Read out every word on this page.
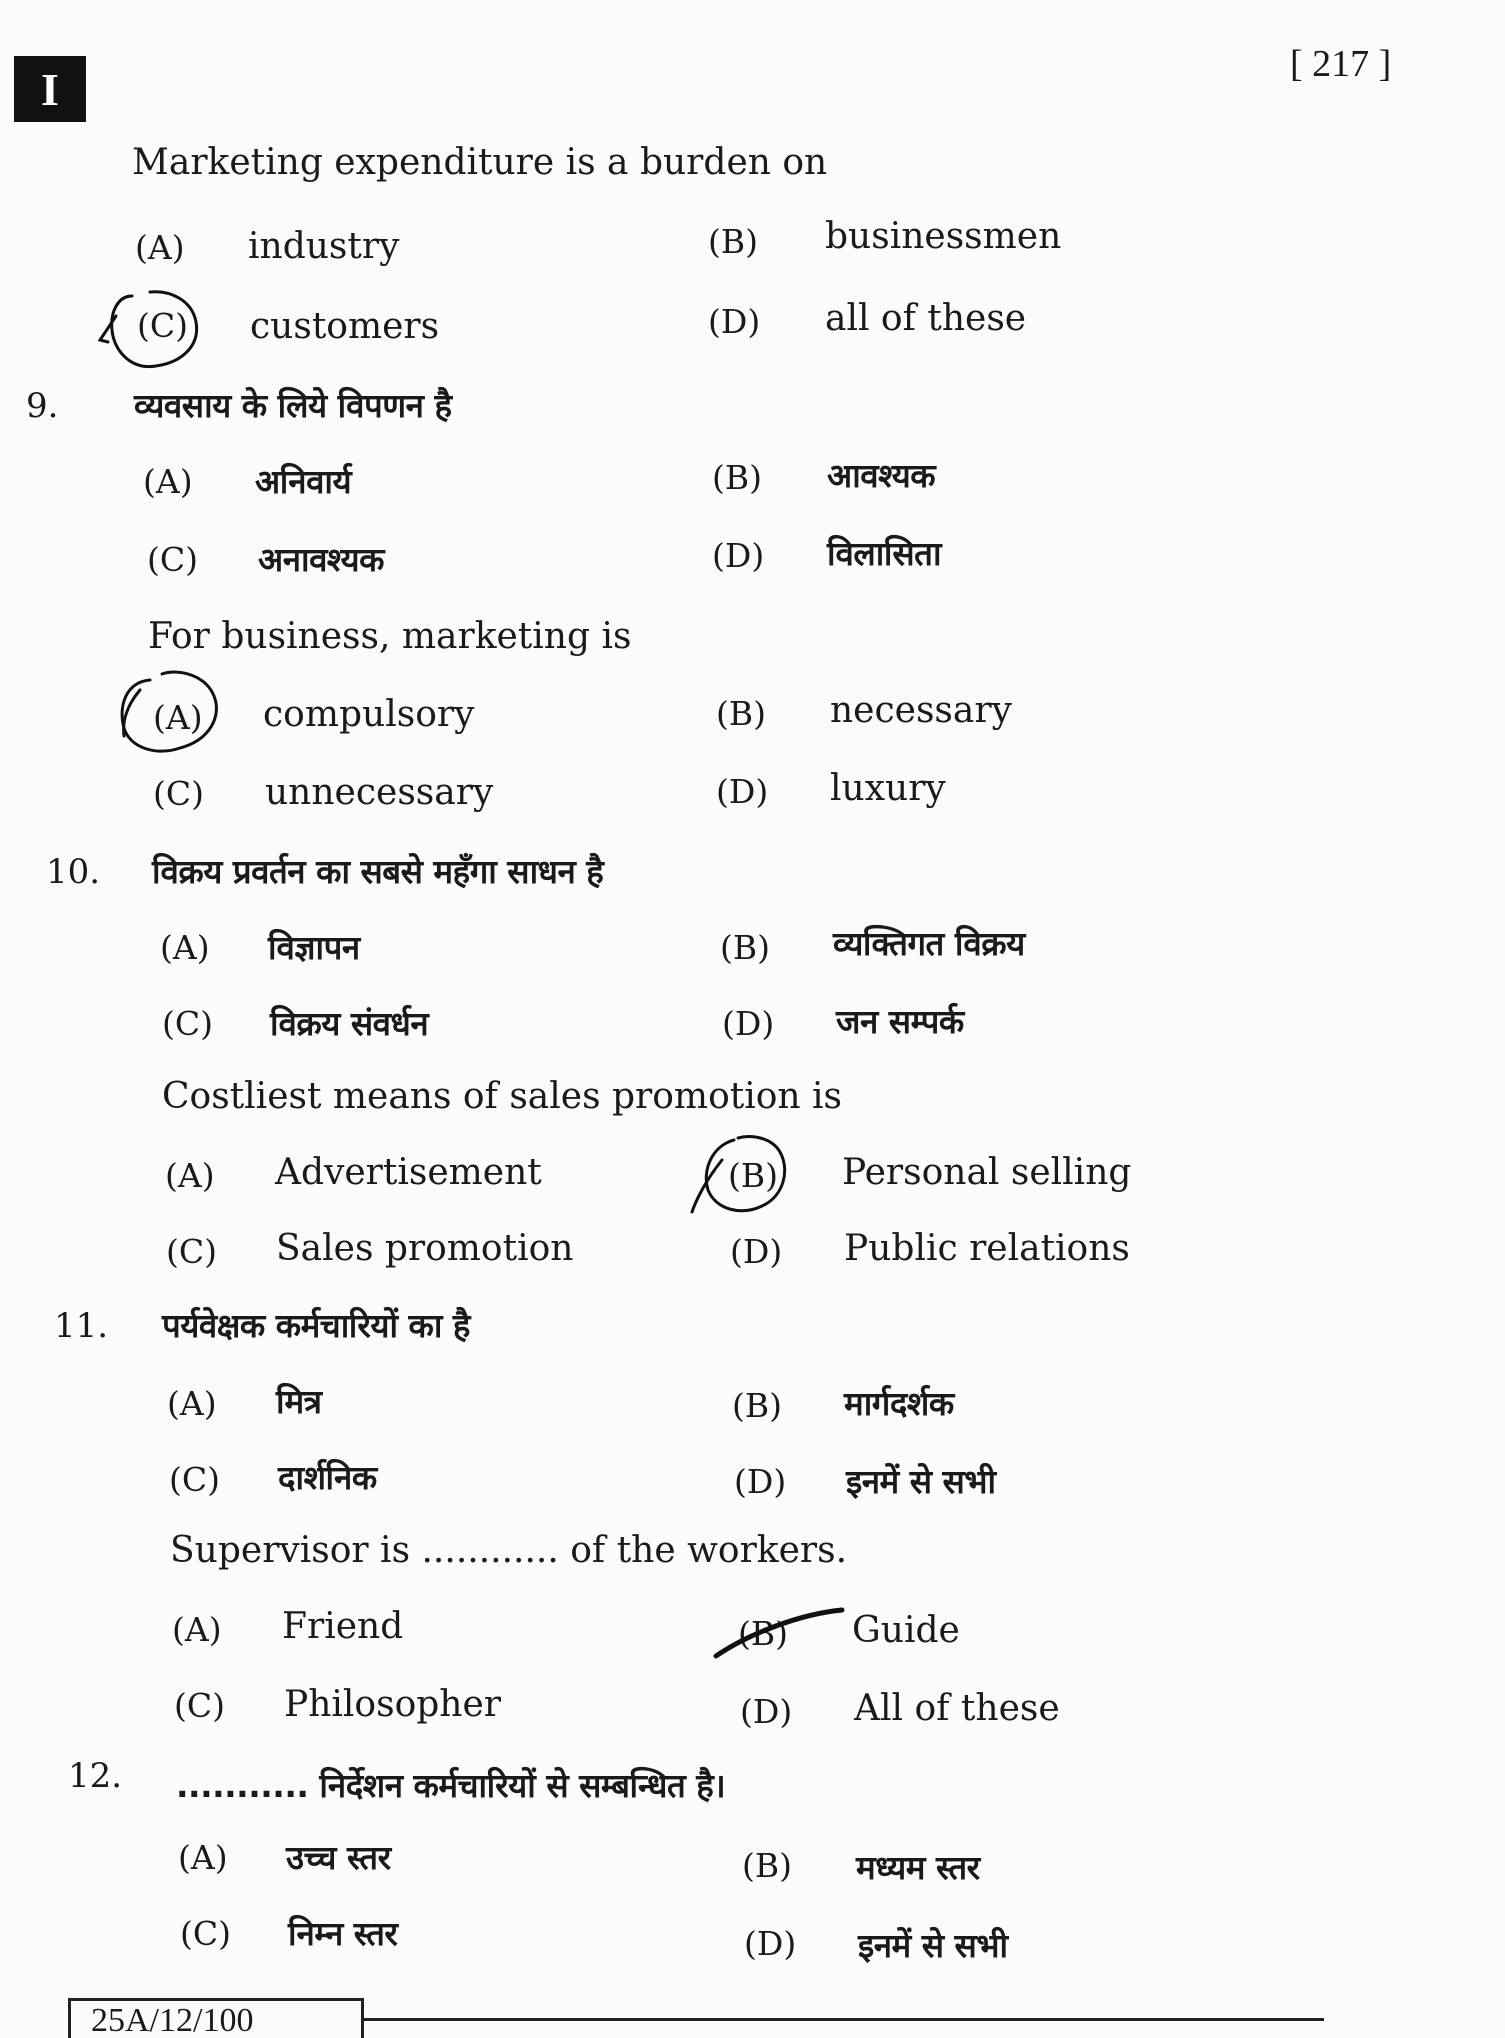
I	[ 217 ]
Marketing expenditure is a burden on
(A) industry	(B) businessmen
(C) customers	(D) all of these
9. व्यवसाय के लिये विपणन है
(A) अनिवार्य	(B) आवश्यक
(C) अनावश्यक	(D) विलासिता
For business, marketing is
(A) compulsory	(B) necessary
(C) unnecessary	(D) luxury
10. विक्रय प्रवर्तन का सबसे महँगा साधन है
(A) विज्ञापन	(B) व्यक्तिगत विक्रय
(C) विक्रय संवर्धन	(D) जन सम्पर्क
Costliest means of sales promotion is
(A) Advertisement	(B) Personal selling
(C) Sales promotion	(D) Public relations
11. पर्यवेक्षक कर्मचारियों का है
(A) मित्र	(B) मार्गदर्शक
(C) दार्शनिक	(D) इनमें से सभी
Supervisor is ............ of the workers.
(A) Friend	(B) Guide
(C) Philosopher	(D) All of these
12. ........... निर्देशन कर्मचारियों से सम्बन्धित है।
(A) उच्च स्तर	(B) मध्यम स्तर
(C) निम्न स्तर	(D) इनमें से सभी
25A/12/100
